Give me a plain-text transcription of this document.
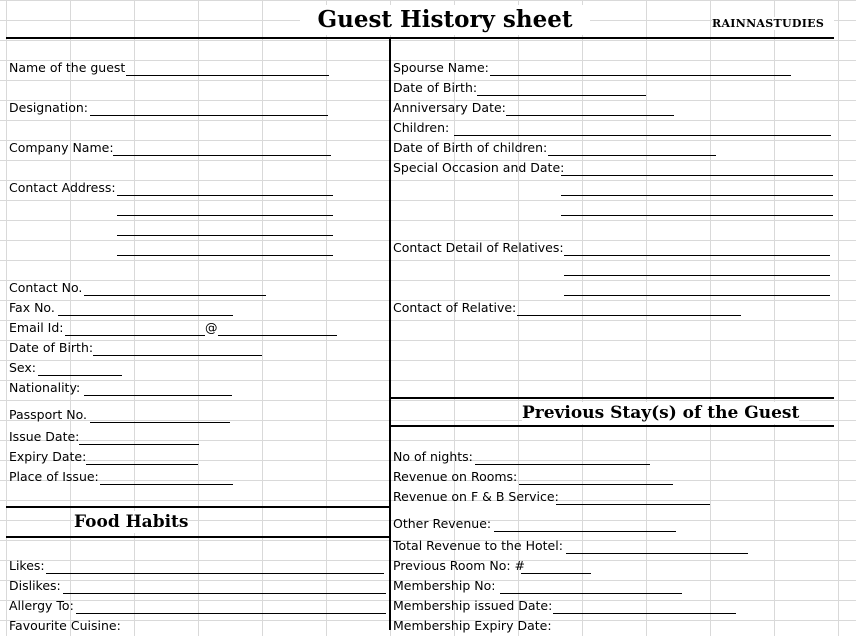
Guest History sheet	RAINNASTUDIES
Previous Stay(s) of the Guest
Food Habits
Name of the guest
Designation:
Company Name:
Contact Address:
Contact No.
Fax No.
Email Id:	@
Date of Birth:
Sex:
Nationality:
Passport No.
Issue Date:
Expiry Date:
Place of Issue:
Likes:
Dislikes:
Allergy To:
Favourite Cuisine:
Spourse Name:
Date of Birth:
Anniversary Date:
Children:
Date of Birth of children:
Special Occasion and Date:
Contact Detail of Relatives:
Contact of Relative:
No of nights:
Revenue on Rooms:
Revenue on F & B Service:
Other Revenue:
Total Revenue to the Hotel:
Previous Room No: #
Membership No:
Membership issued Date:
Membership Expiry Date:
